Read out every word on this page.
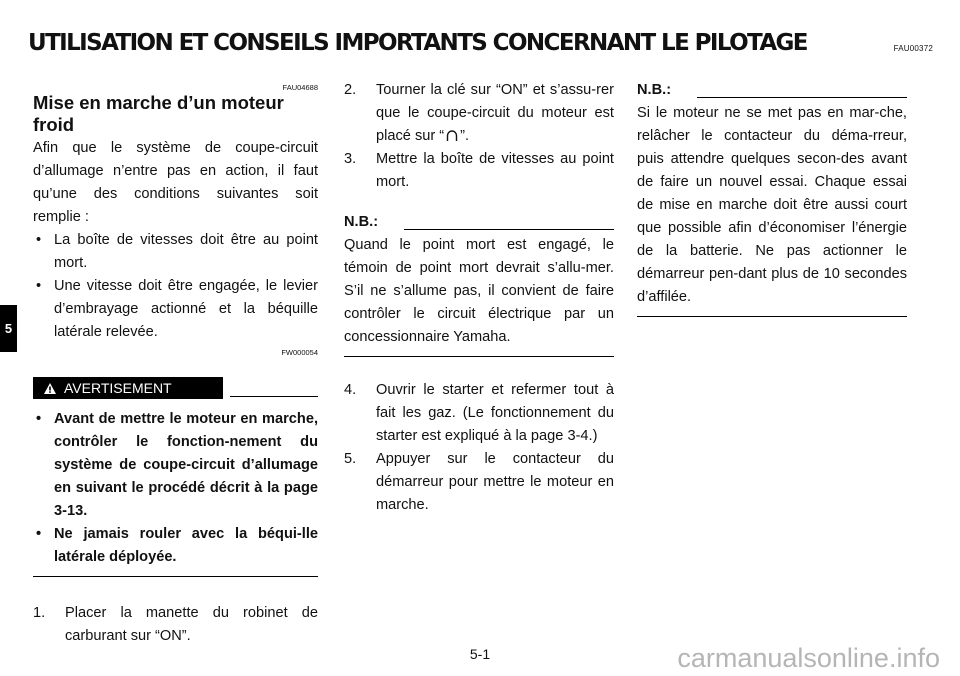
UTILISATION ET CONSEILS IMPORTANTS CONCERNANT LE PILOTAGE	FAU00372
5
FAU04688
Mise en marche d’un moteur froid

Afin que le système de coupe-circuit d’allumage n’entre pas en action, il faut qu’une des conditions suivantes soit remplie :

• La boîte de vitesses doit être au point mort.
• Une vitesse doit être engagée, le levier d’embrayage actionné et la béquille latérale relevée.
FW000054
AVERTISEMENT
• Avant de mettre le moteur en marche, contrôler le fonction-nement du système de coupe-circuit d’allumage en suivant le procédé décrit à la page 3-13.
• Ne jamais rouler avec la béqui-lle latérale déployée.
1. Placer la manette du robinet de carburant sur “ON”.
2. Tourner la clé sur “ON” et s’assu-rer que le coupe-circuit du moteur est placé sur “ ”.
3. Mettre la boîte de vitesses au point mort.
N.B.:

Quand le point mort est engagé, le témoin de point mort devrait s’allu-mer. S’il ne s’allume pas, il convient de faire contrôler le circuit électrique par un concessionnaire Yamaha.

4. Ouvrir le starter et refermer tout à fait les gaz. (Le fonctionnement du starter est expliqué à la page 3-4.)
5. Appuyer sur le contacteur du démarreur pour mettre le moteur en marche.
N.B.:

Si le moteur ne se met pas en mar-che, relâcher le contacteur du déma-rreur, puis attendre quelques secon-des avant de faire un nouvel essai. Chaque essai de mise en marche doit être aussi court que possible afin d’économiser l’énergie de la batterie. Ne pas actionner le démarreur pen-dant plus de 10 secondes d’affilée.

5-1	carmanualsonline.info
